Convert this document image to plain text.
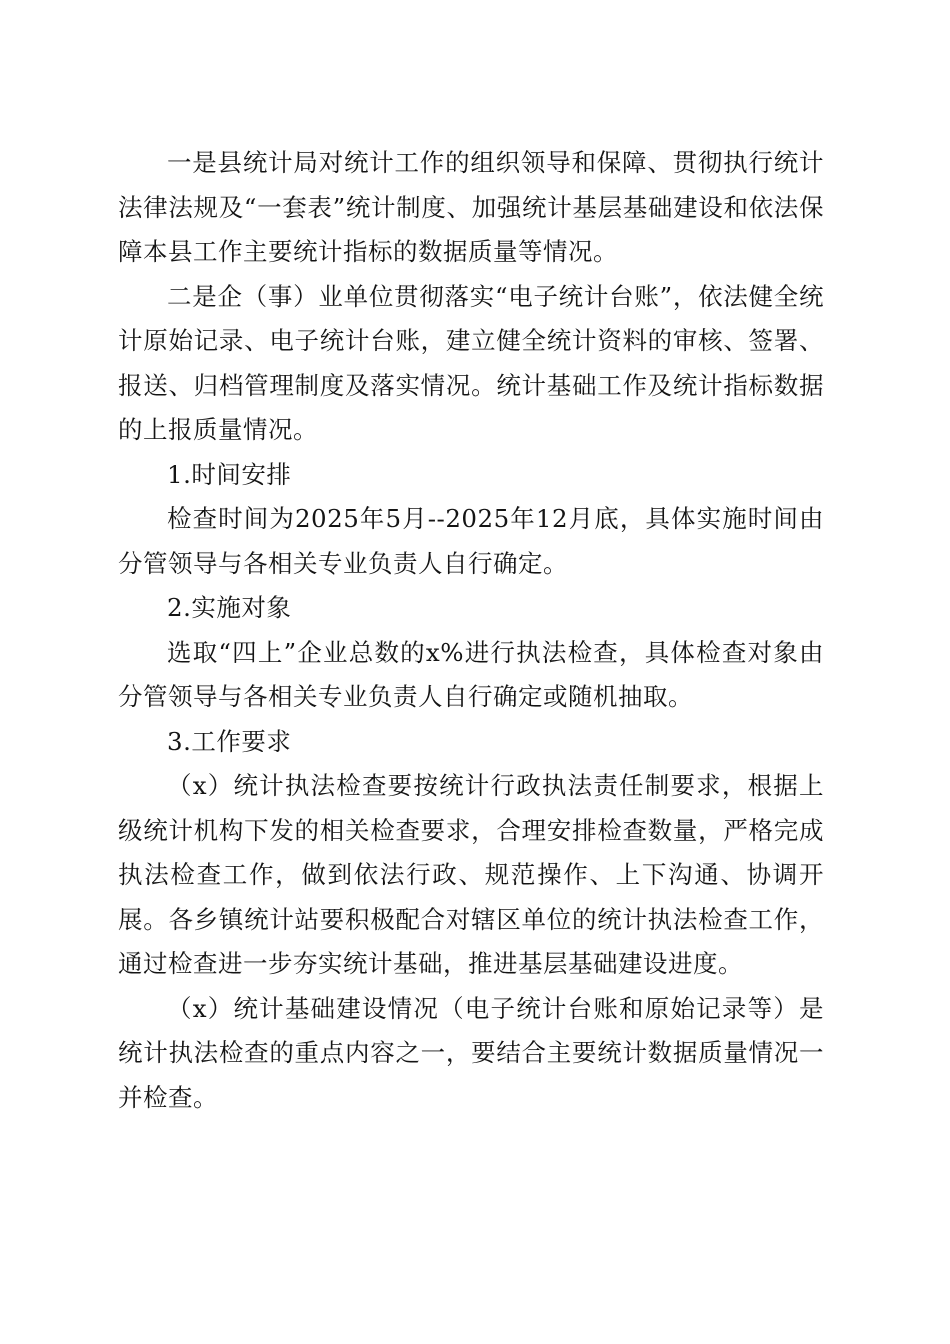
一是县统计局对统计工作的组织领导和保障、贯彻执行统计法律法规及“一套表”统计制度、加强统计基层基础建设和依法保障本县工作主要统计指标的数据质量等情况。

二是企（事）业单位贯彻落实“电子统计台账”，依法健全统计原始记录、电子统计台账，建立健全统计资料的审核、签署、报送、归档管理制度及落实情况。统计基础工作及统计指标数据的上报质量情况。

1.时间安排

检查时间为2025年5月--2025年12月底，具体实施时间由分管领导与各相关专业负责人自行确定。

2.实施对象

选取“四上”企业总数的x%进行执法检查，具体检查对象由分管领导与各相关专业负责人自行确定或随机抽取。

3.工作要求

（x）统计执法检查要按统计行政执法责任制要求，根据上级统计机构下发的相关检查要求，合理安排检查数量，严格完成执法检查工作，做到依法行政、规范操作、上下沟通、协调开展。各乡镇统计站要积极配合对辖区单位的统计执法检查工作，通过检查进一步夯实统计基础，推进基层基础建设进度。

（x）统计基础建设情况（电子统计台账和原始记录等）是统计执法检查的重点内容之一，要结合主要统计数据质量情况一并检查。
